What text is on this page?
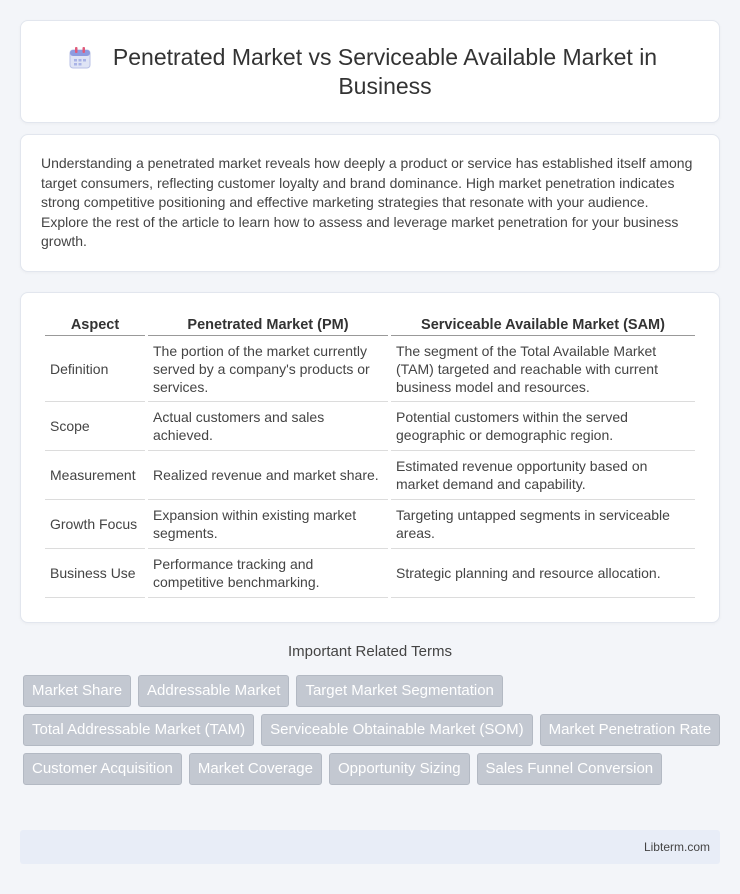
Penetrated Market vs Serviceable Available Market in Business

Understanding a penetrated market reveals how deeply a product or service has established itself among target consumers, reflecting customer loyalty and brand dominance. High market penetration indicates strong competitive positioning and effective marketing strategies that resonate with your audience. Explore the rest of the article to learn how to assess and leverage market penetration for your business growth.

Aspect	Penetrated Market (PM)	Serviceable Available Market (SAM)
Definition	The portion of the market currently served by a company's products or services.	The segment of the Total Available Market (TAM) targeted and reachable with current business model and resources.
Scope	Actual customers and sales achieved.	Potential customers within the served geographic or demographic region.
Measurement	Realized revenue and market share.	Estimated revenue opportunity based on market demand and capability.
Growth Focus	Expansion within existing market segments.	Targeting untapped segments in serviceable areas.
Business Use	Performance tracking and competitive benchmarking.	Strategic planning and resource allocation.
Important Related Terms
Market Share	Addressable Market	Target Market Segmentation
Total Addressable Market (TAM)	Serviceable Obtainable Market (SOM)	Market Penetration Rate
Customer Acquisition	Market Coverage	Opportunity Sizing	Sales Funnel Conversion
Libterm.com
